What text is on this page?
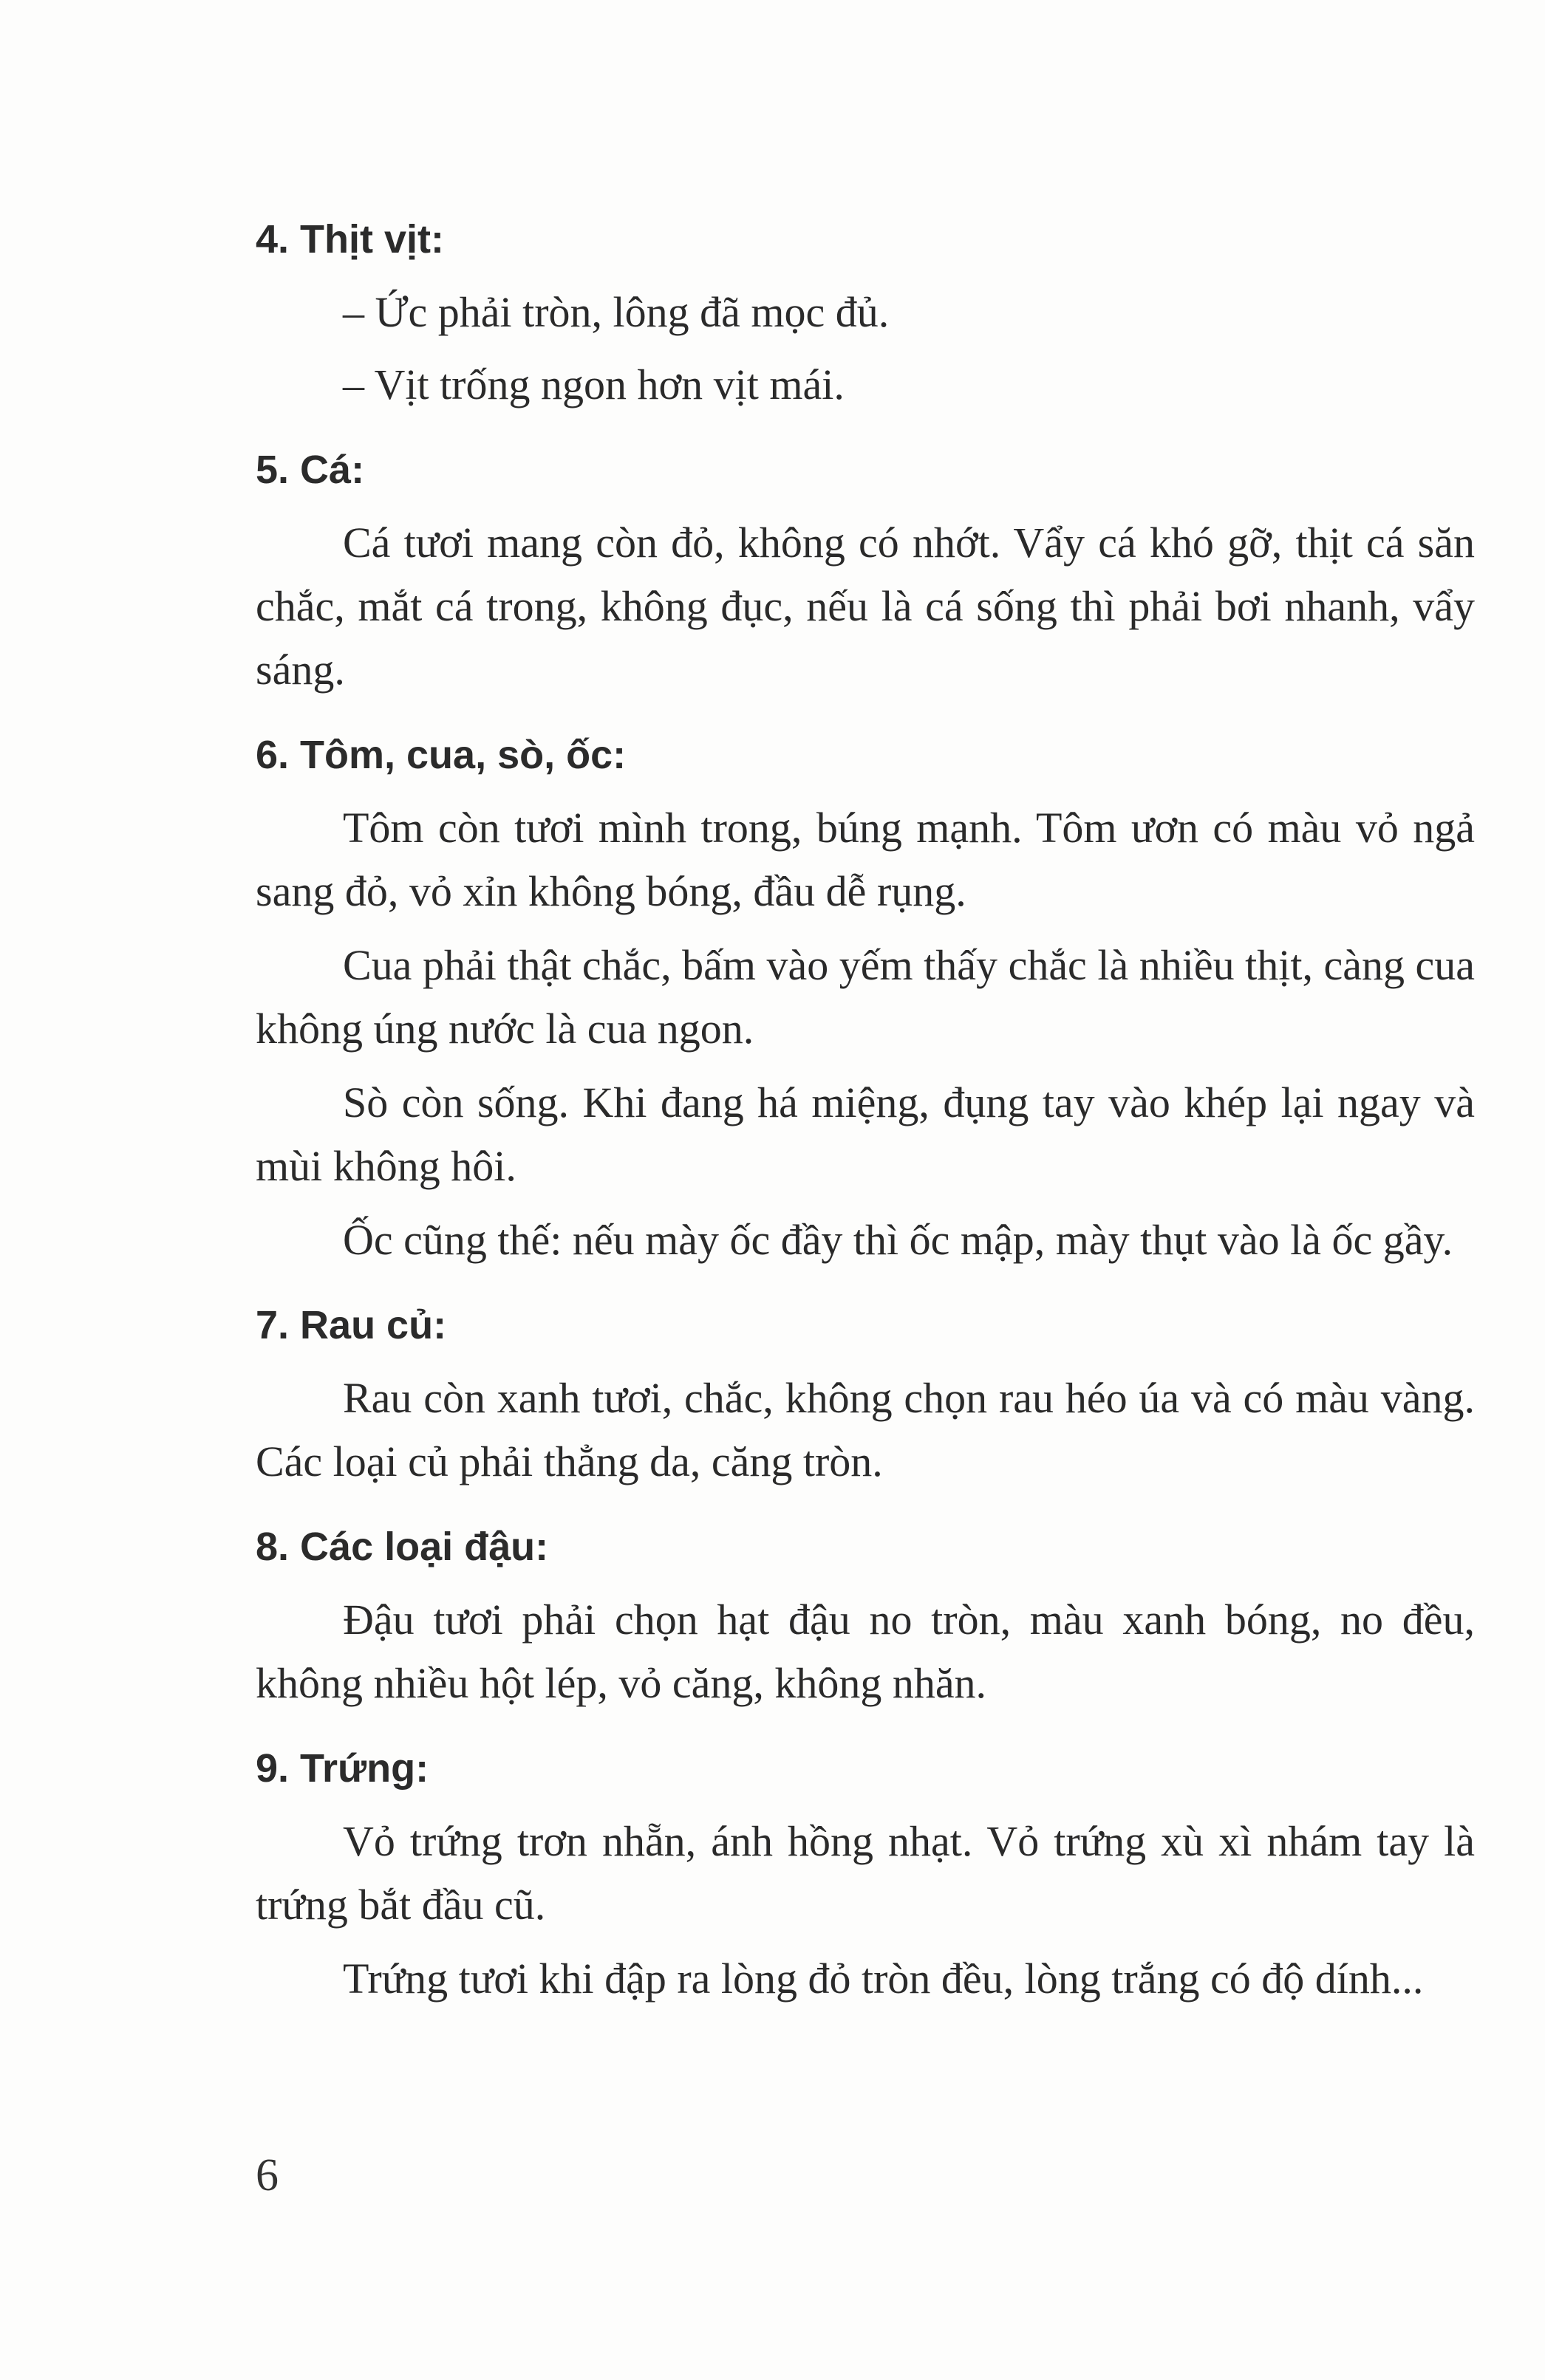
4. Thịt vịt:
– Ức phải tròn, lông đã mọc đủ.
– Vịt trống ngon hơn vịt mái.
5. Cá:

Cá tươi mang còn đỏ, không có nhớt. Vẩy cá khó gỡ, thịt cá săn chắc, mắt cá trong, không đục, nếu là cá sống thì phải bơi nhanh, vẩy sáng.

6. Tôm, cua, sò, ốc:

Tôm còn tươi mình trong, búng mạnh. Tôm ươn có màu vỏ ngả sang đỏ, vỏ xỉn không bóng, đầu dễ rụng.

Cua phải thật chắc, bấm vào yếm thấy chắc là nhiều thịt, càng cua không úng nước là cua ngon.

Sò còn sống. Khi đang há miệng, đụng tay vào khép lại ngay và mùi không hôi.

Ốc cũng thế: nếu mày ốc đầy thì ốc mập, mày thụt vào là ốc gầy.

7. Rau củ:

Rau còn xanh tươi, chắc, không chọn rau héo úa và có màu vàng. Các loại củ phải thẳng da, căng tròn.

8. Các loại đậu:

Đậu tươi phải chọn hạt đậu no tròn, màu xanh bóng, no đều, không nhiều hột lép, vỏ căng, không nhăn.

9. Trứng:

Vỏ trứng trơn nhẵn, ánh hồng nhạt. Vỏ trứng xù xì nhám tay là trứng bắt đầu cũ.

Trứng tươi khi đập ra lòng đỏ tròn đều, lòng trắng có độ dính...

6
